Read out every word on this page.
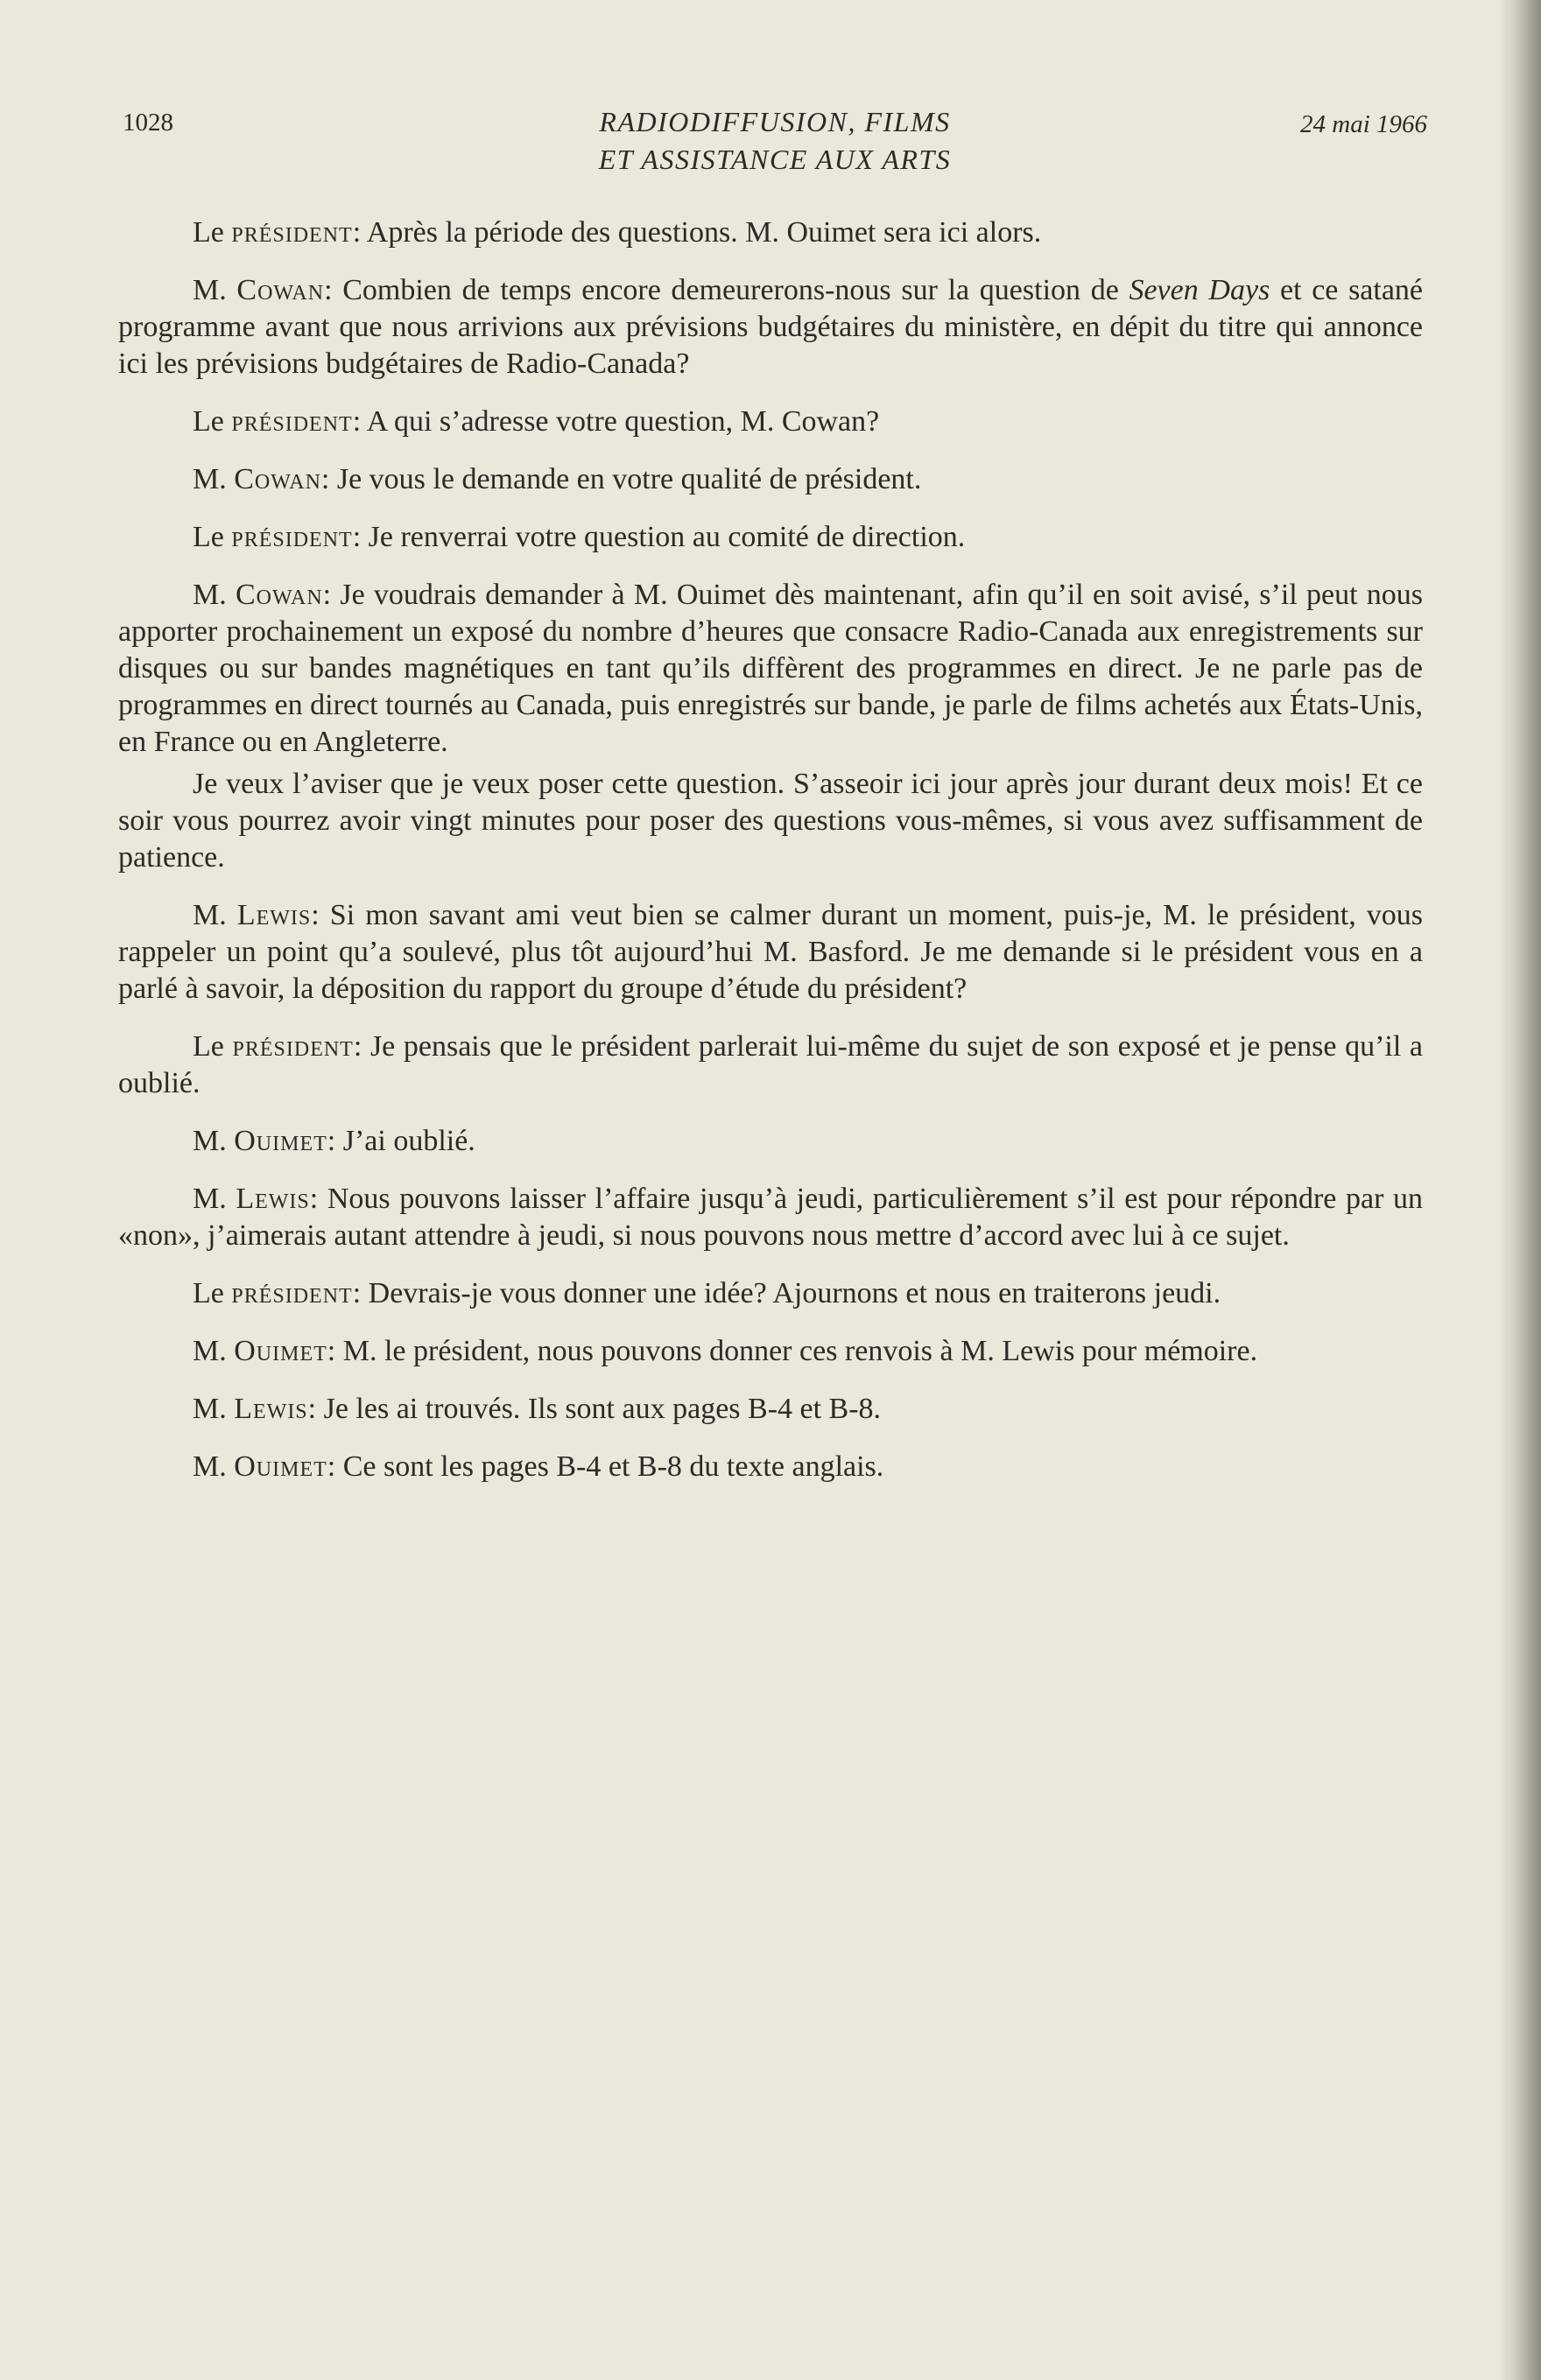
1028	RADIODIFFUSION, FILMS
ET ASSISTANCE AUX ARTS
24 mai 1966

Le président: Après la période des questions. M. Ouimet sera ici alors.

M. Cowan: Combien de temps encore demeurerons-nous sur la question de Seven Days et ce satané programme avant que nous arrivions aux prévisions budgétaires du ministère, en dépit du titre qui annonce ici les prévisions budgétaires de Radio-Canada?

Le président: A qui s’adresse votre question, M. Cowan?

M. Cowan: Je vous le demande en votre qualité de président.

Le président: Je renverrai votre question au comité de direction.

M. Cowan: Je voudrais demander à M. Ouimet dès maintenant, afin qu’il en soit avisé, s’il peut nous apporter prochainement un exposé du nombre d’heures que consacre Radio-Canada aux enregistrements sur disques ou sur bandes magnétiques en tant qu’ils diffèrent des programmes en direct. Je ne parle pas de programmes en direct tournés au Canada, puis enregistrés sur bande, je parle de films achetés aux États-Unis, en France ou en Angleterre.

Je veux l’aviser que je veux poser cette question. S’asseoir ici jour après jour durant deux mois! Et ce soir vous pourrez avoir vingt minutes pour poser des questions vous-mêmes, si vous avez suffisamment de patience.

M. Lewis: Si mon savant ami veut bien se calmer durant un moment, puis-je, M. le président, vous rappeler un point qu’a soulevé, plus tôt aujourd’hui M. Basford. Je me demande si le président vous en a parlé à savoir, la déposition du rapport du groupe d’étude du président?

Le président: Je pensais que le président parlerait lui-même du sujet de son exposé et je pense qu’il a oublié.

M. Ouimet: J’ai oublié.

M. Lewis: Nous pouvons laisser l’affaire jusqu’à jeudi, particulièrement s’il est pour répondre par un «non», j’aimerais autant attendre à jeudi, si nous pouvons nous mettre d’accord avec lui à ce sujet.

Le président: Devrais-je vous donner une idée? Ajournons et nous en traiterons jeudi.

M. Ouimet: M. le président, nous pouvons donner ces renvois à M. Lewis pour mémoire.

M. Lewis: Je les ai trouvés. Ils sont aux pages B-4 et B-8.

M. Ouimet: Ce sont les pages B-4 et B-8 du texte anglais.
